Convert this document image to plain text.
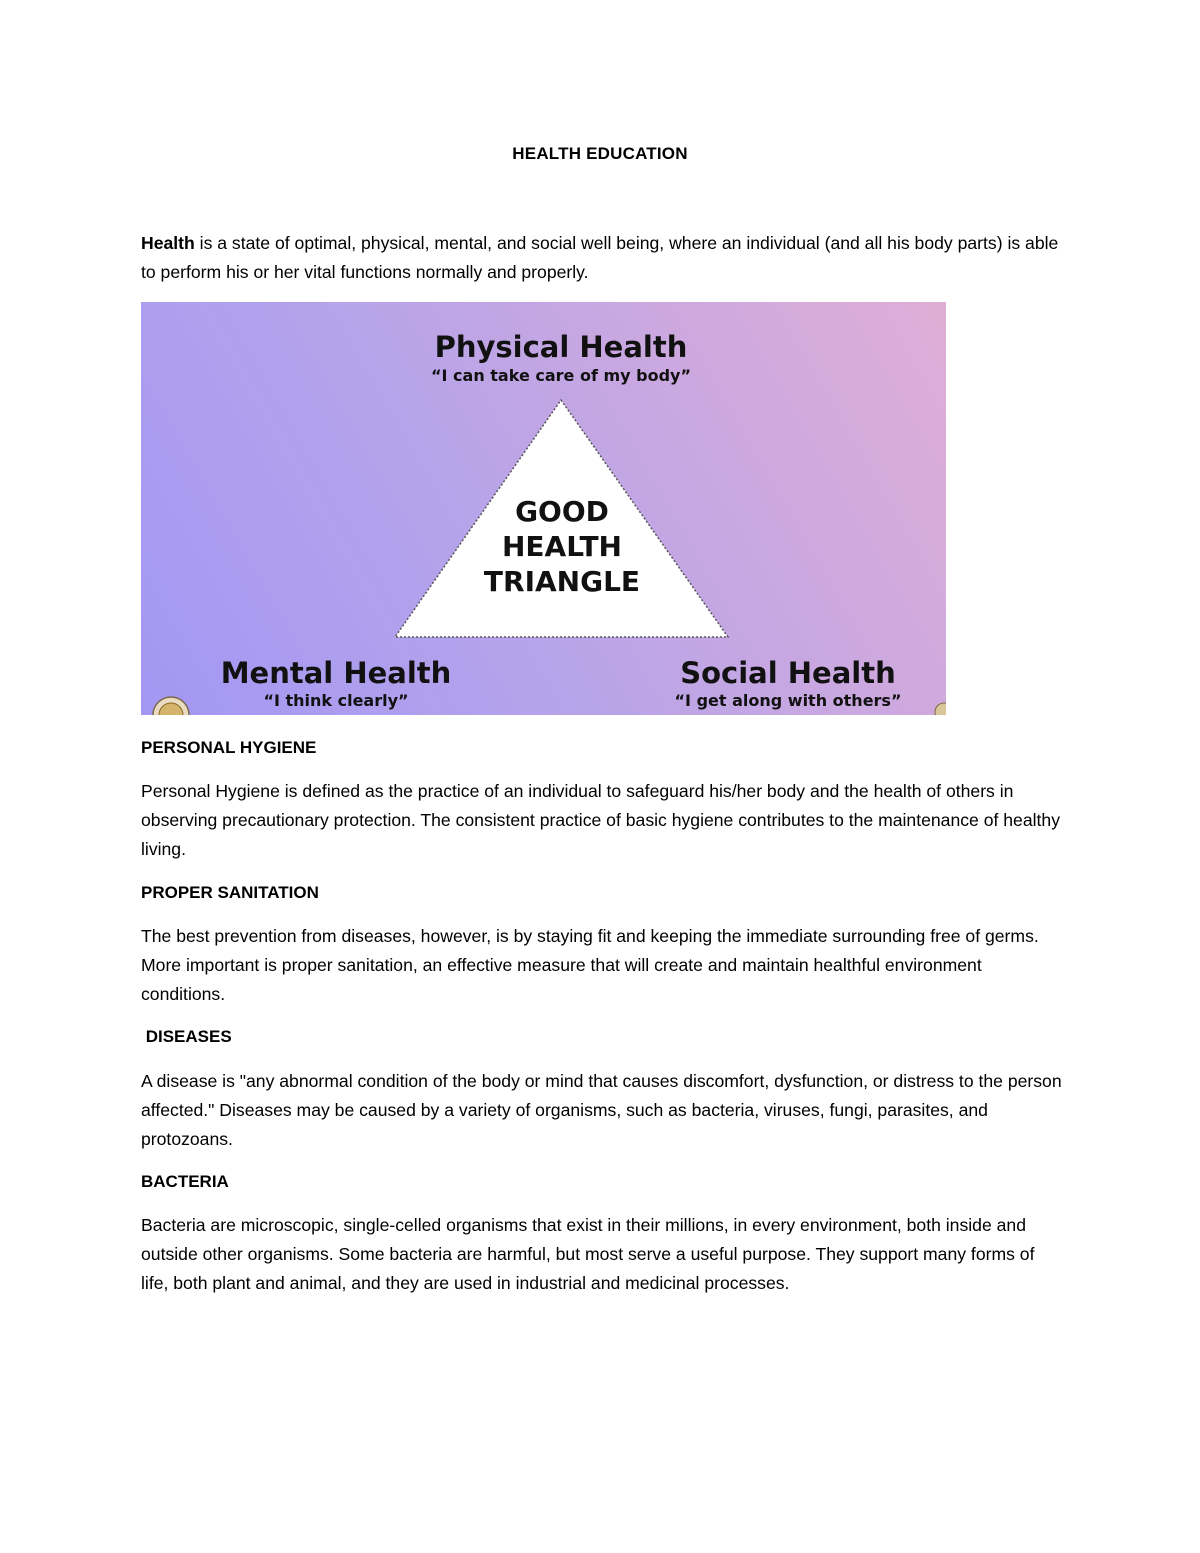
HEALTH EDUCATION

Health is a state of optimal, physical, mental, and social well being, where an individual (and all his body parts) is able to perform his or her vital functions normally and properly.

Physical Health
“I can take care of my body”
GOOD
HEALTH
TRIANGLE
Mental Health
“I think clearly”
Social Health
“I get along with others”

PERSONAL HYGIENE

Personal Hygiene is defined as the practice of an individual to safeguard his/her body and the health of others in observing precautionary protection. The consistent practice of basic hygiene contributes to the maintenance of healthy living.

PROPER SANITATION

The best prevention from diseases, however, is by staying fit and keeping the immediate surrounding free of germs. More important is proper sanitation, an effective measure that will create and maintain healthful environment conditions.

DISEASES

A disease is "any abnormal condition of the body or mind that causes discomfort, dysfunction, or distress to the person affected." Diseases may be caused by a variety of organisms, such as bacteria, viruses, fungi, parasites, and protozoans.

BACTERIA

Bacteria are microscopic, single-celled organisms that exist in their millions, in every environment, both inside and outside other organisms. Some bacteria are harmful, but most serve a useful purpose. They support many forms of life, both plant and animal, and they are used in industrial and medicinal processes.
